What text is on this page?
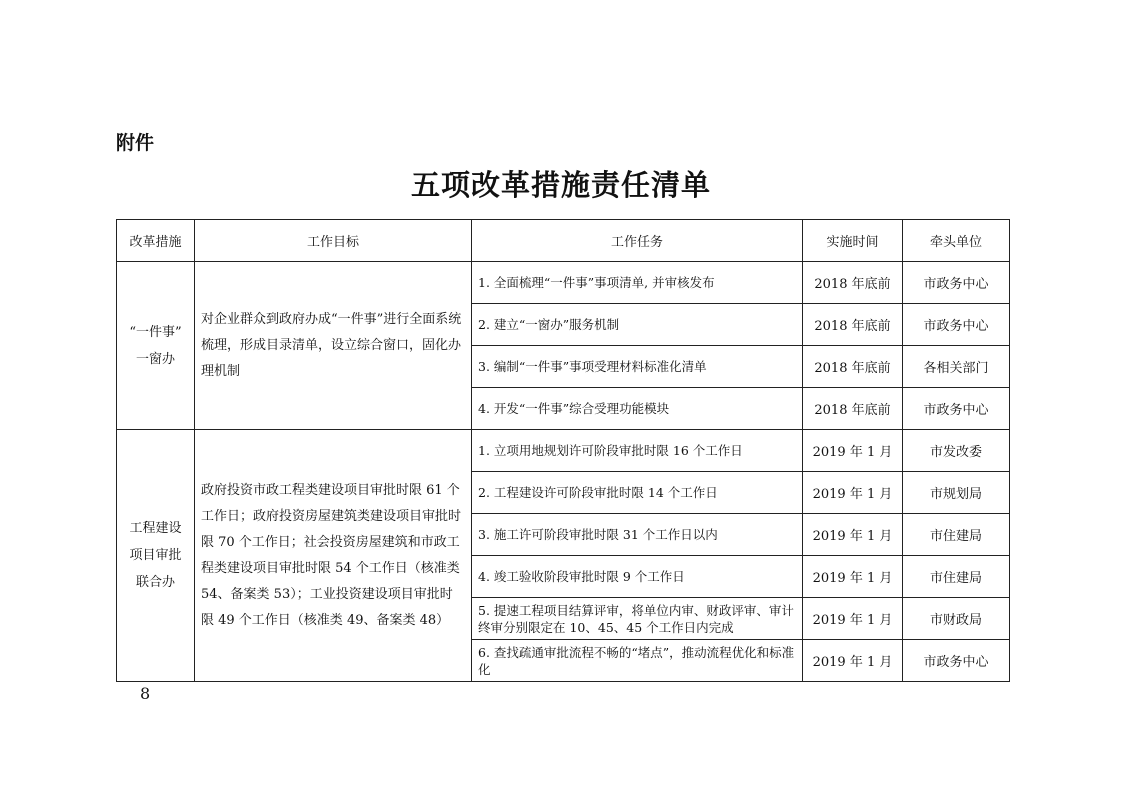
附件
五项改革措施责任清单
改革措施	工作目标	工作任务	实施时间	牵头单位

“一件事”
一窗办	对企业群众到政府办成“一件事”进行全面系统梳理，形成目录清单，设立综合窗口，固化办理机制	1. 全面梳理“一件事”事项清单, 并审核发布	2018 年底前	市政务中心
		2. 建立“一窗办”服务机制	2018 年底前	市政务中心
		3. 编制“一件事”事项受理材料标准化清单	2018 年底前	各相关部门
		4. 开发“一件事”综合受理功能模块	2018 年底前	市政务中心

工程建设
项目审批
联合办	政府投资市政工程类建设项目审批时限 61 个工作日；政府投资房屋建筑类建设项目审批时限 70 个工作日；社会投资房屋建筑和市政工程类建设项目审批时限 54 个工作日（核准类 54、备案类 53）；工业投资建设项目审批时限 49 个工作日（核准类 49、备案类 48）	1. 立项用地规划许可阶段审批时限 16 个工作日	2019 年 1 月	市发改委
		2. 工程建设许可阶段审批时限 14 个工作日	2019 年 1 月	市规划局
		3. 施工许可阶段审批时限 31 个工作日以内	2019 年 1 月	市住建局
		4. 竣工验收阶段审批时限 9 个工作日	2019 年 1 月	市住建局
		5. 提速工程项目结算评审，将单位内审、财政评审、审计终审分别限定在 10、45、45 个工作日内完成	2019 年 1 月	市财政局
		6. 查找疏通审批流程不畅的“堵点”，推动流程优化和标准化	2019 年 1 月	市政务中心
8
